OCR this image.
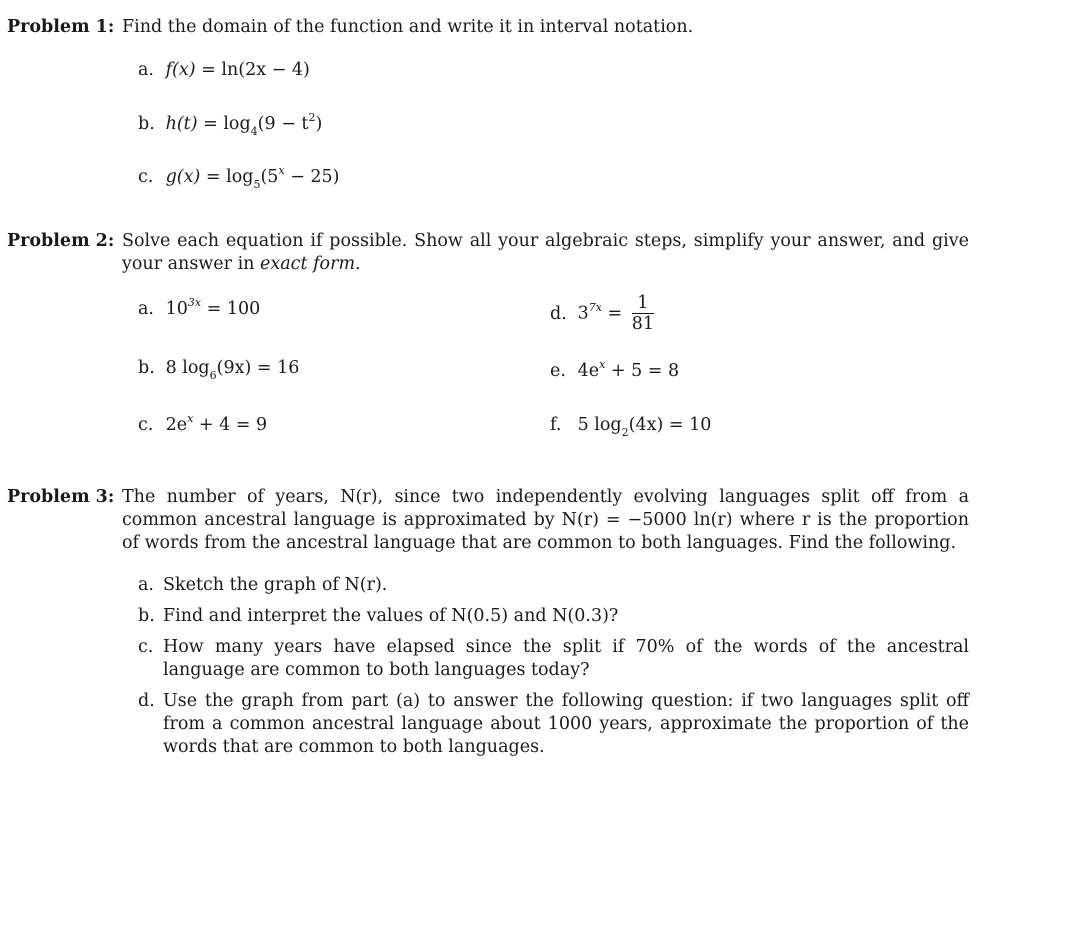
Problem 1: Find the domain of the function and write it in interval notation.
a. f(x) = ln(2x − 4)
b. $h(t) = \log_4(9 - t^2)$
c. $g(x) = \log_5(5^x - 25)$
Problem 2: Solve each equation if possible. Show all your algebraic steps, simplify your answer, and give your answer in exact form.
a. $10^{3x} = 100$
b. 8 $\log_6(9x) = 16$
c. $2e^x + 4 = 9$
d. $3^{7x} = \frac{1}{81}$
e. $4e^x + 5 = 8$
f. 5 $\log_2(4x) = 10$
Problem 3: The number of years, N(r), since two independently evolving languages split off from a common ancestral language is approximated by N(r) = −5000 ln(r) where r is the proportion of words from the ancestral language that are common to both languages. Find the following.
a. Sketch the graph of N(r).
b. Find and interpret the values of N(0.5) and N(0.3)?
c. How many years have elapsed since the split if 70% of the words of the ancestral language are common to both languages today?
d. Use the graph from part (a) to answer the following question: if two languages split off from a common ancestral language about 1000 years, approximate the proportion of the words that are common to both languages.
